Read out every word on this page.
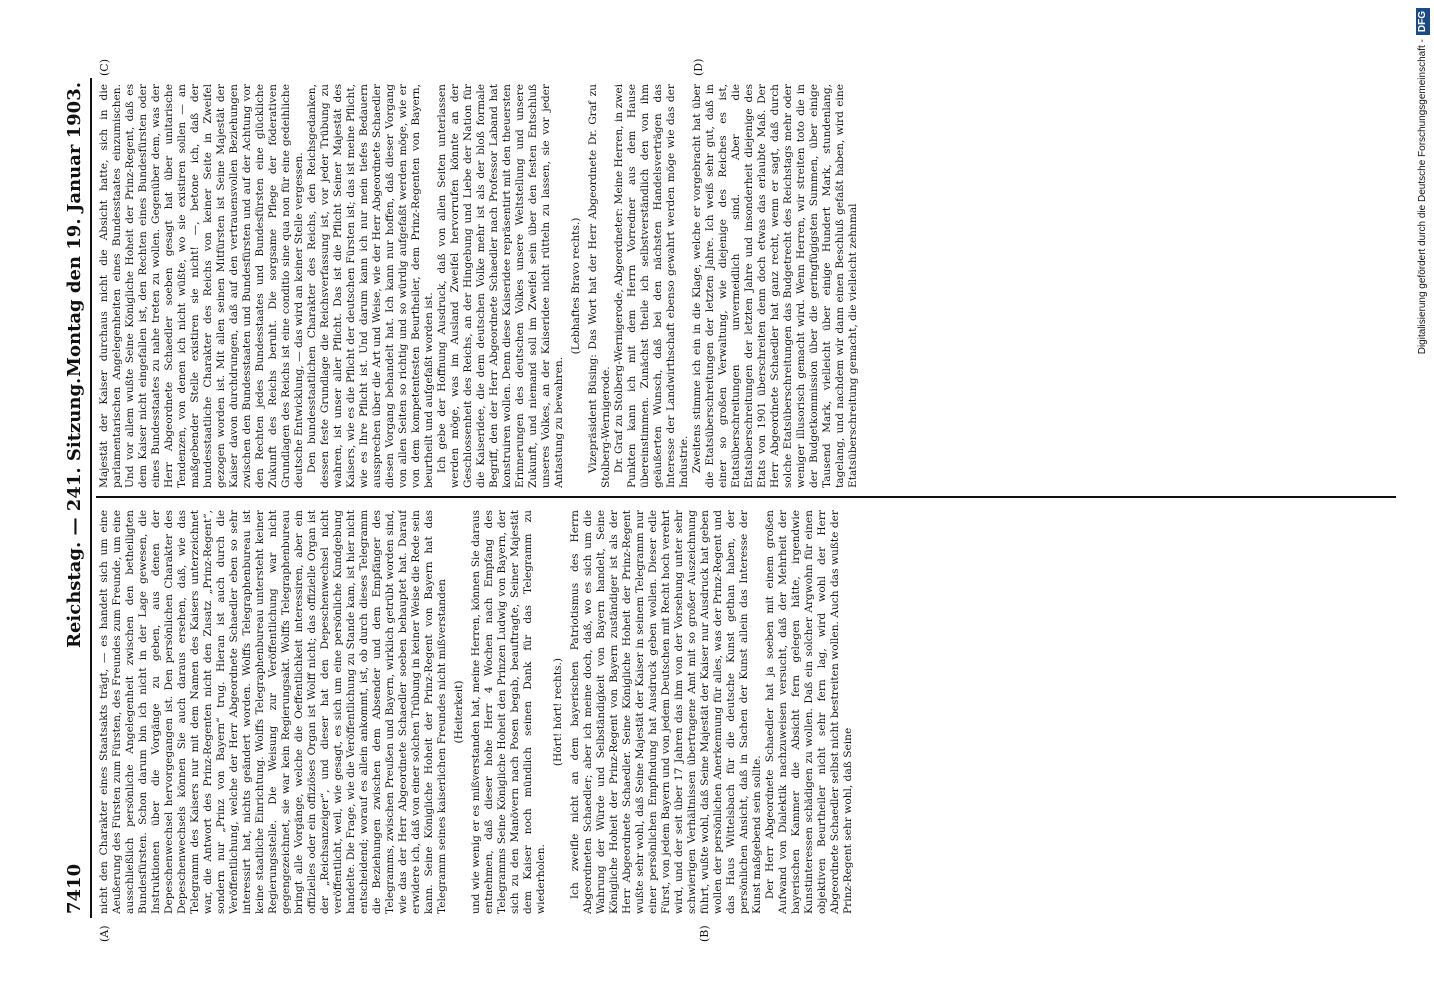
7410
Reichstag. — 241. Sitzung.
Montag den 19. Januar 1903.
(A)	(B)
(C)	(D)

nicht den Charakter eines Staatsakts trägt, — es handelt sich um eine Aeußerung des Fürsten zum Fürsten, des Freundes zum Freunde, um eine ausschließlich persönliche Angelegenheit zwischen den betheiligten Bundesfürsten. Schon darum bin ich nicht in der Lage gewesen, die Instruktionen über die Vorgänge zu geben, aus denen der Depeschenwechsel hervorgegangen ist. Den persönlichen Charakter des Depeschenwechsels können Sie auch daraus ersehen, daß, wie das Telegramm des Kaisers nur mit dem Namen des Kaisers unterzeichnet war, die Antwort des Prinz-Regenten nicht den Zusatz „Prinz-Regent“, sondern nur „Prinz von Bayern“ trug. Hieran ist auch durch die Veröffentlichung, welche der Herr Abgeordnete Schaedler eben so sehr interessirt hat, nichts geändert worden. Wolffs Telegraphenbureau ist keine staatliche Einrichtung. Wolffs Telegraphenbureau untersteht keiner Regierungsstelle. Die Weisung zur Veröffentlichung war nicht gegengezeichnet, sie war kein Regierungsakt. Wolffs Telegraphenbureau bringt alle Vorgänge, welche die Oeffentlichkeit interessiren, aber ein offizielles oder ein offiziöses Organ ist Wolff nicht; das offizielle Organ ist der „Reichsanzeiger“, und dieser hat den Depeschenwechsel nicht veröffentlicht, weil, wie gesagt, es sich um eine persönliche Kundgebung handelte. Die Frage, wie die Veröffentlichung zu Stande kam, ist hier nicht entscheidend; worauf es allein ankommt, ist, ob durch dieses Telegramm die Beziehungen zwischen dem Absender und dem Empfänger des Telegramms, zwischen Preußen und Bayern, wirklich getrübt worden sind, wie das der Herr Abgeordnete Schaedler soeben behauptet hat. Darauf erwidere ich, daß von einer solchen Trübung in keiner Weise die Rede sein kann. Seine Königliche Hoheit der Prinz-Regent von Bayern hat das Telegramm seines kaiserlichen Freundes nicht mißverstanden (Heiterkeit) und wie wenig er es mißverstanden hat, meine Herren, können Sie daraus entnehmen, daß dieser hohe Herr 4 Wochen nach Empfang des Telegramms Seine Königliche Hoheit den Prinzen Ludwig von Bayern, der sich zu den Manövern nach Posen begab, beauftragte, Seiner Majestät dem Kaiser noch mündlich seinen Dank für das Telegramm zu wiederholen.

(Hört! hört! rechts.) Ich zweifle nicht an dem bayerischen Patriotismus des Herrn Abgeordneten Schaedler; aber ich meine doch, daß, wo es sich um die Wahrung der Würde und Selbständigkeit von Bayern handelt, Seine Königliche Hoheit der Prinz-Regent von Bayern zuständiger ist als der Herr Abgeordnete Schaedler. Seine Königliche Hoheit der Prinz-Regent wußte sehr wohl, daß Seine Majestät der Kaiser in seinem Telegramm nur einer persönlichen Empfindung hat Ausdruck geben wollen. Dieser edle Fürst, von jedem Bayern und von jedem Deutschen mit Recht hoch verehrt wird, und der seit über 17 Jahren das ihm von der Vorsehung unter sehr schwierigen Verhältnissen übertragene Amt mit so großer Auszeichnung führt, wußte wohl, daß Seine Majestät der Kaiser nur Ausdruck hat geben wollen der persönlichen Anerkennung für alles, was der Prinz-Regent und das Haus Wittelsbach für die deutsche Kunst gethan haben, der persönlichen Ansicht, daß in Sachen der Kunst allein das Interesse der Kunst maßgebend sein sollte. Der Herr Abgeordnete Schaedler hat ja soeben mit einem großen Aufwand von Dialektik nachzuweisen versucht, daß der Mehrheit der bayerischen Kammer die Absicht fern gelegen hätte, irgendwie Kunstinteressen schädigen zu wollen. Daß ein solcher Argwohn für einen objektiven Beurtheiler nicht sehr fern lag, wird wohl der Herr Abgeordnete Schaedler selbst nicht bestreiten wollen. Auch das wußte der Prinz-Regent sehr wohl, daß Seine

Majestät der Kaiser durchaus nicht die Absicht hatte, sich in die parlamentarischen Angelegenheiten eines Bundesstaates einzumischen. Und vor allem wußte Seine Königliche Hoheit der Prinz-Regent, daß es dem Kaiser nicht eingefallen ist, den Rechten eines Bundesfürsten oder eines Bundesstaates zu nahe treten zu wollen. Gegenüber dem, was der Herr Abgeordnete Schaedler soeben gesagt hat über unitarische Tendenzen, von denen ich nicht wüßte, wo sie existiren sollen — an maßgebender Stelle existiren sie nicht! —, betone ich, daß der bundesstaatliche Charakter des Reichs von keiner Seite in Zweifel gezogen worden ist. Mit allen seinen Mitfürsten ist Seine Majestät der Kaiser davon durchdrungen, daß auf den vertrauensvollen Beziehungen zwischen den Bundesstaaten und Bundesfürsten und auf der Achtung vor den Rechten jedes Bundesstaates und Bundesfürsten eine glückliche Zukunft des Reichs beruht. Die sorgsame Pflege der föderativen Grundlagen des Reichs ist eine conditio sine qua non für eine gedeihliche deutsche Entwicklung, — das wird an keiner Stelle vergessen. Den bundesstaatlichen Charakter des Reichs, den Reichsgedanken, dessen feste Grundlage die Reichsverfassung ist, vor jeder Trübung zu wahren, ist unser aller Pflicht. Das ist die Pflicht Seiner Majestät des Kaisers, wie es die Pflicht der deutschen Fürsten ist; das ist meine Pflicht, wie es Ihre Pflicht ist. Und darum kann ich nur mein tiefes Bedauern aussprechen über die Art und Weise, wie der Herr Abgeordnete Schaedler diesen Vorgang behandelt hat. Ich kann nur hoffen, daß dieser Vorgang von allen Seiten so richtig und so würdig aufgefaßt werden möge, wie er von dem kompetentesten Beurtheiler, dem Prinz-Regenten von Bayern, beurtheilt und aufgefaßt worden ist. Ich gebe der Hoffnung Ausdruck, daß von allen Seiten unterlassen werden möge, was im Ausland Zweifel hervorrufen könnte an der Geschlossenheit des Reichs, an der Hingebung und Liebe der Nation für die Kaiseridee, die dem deutschen Volke mehr ist als der bloß formale Begriff, den der Herr Abgeordnete Schaedler nach Professor Laband hat konstruiren wollen. Denn diese Kaiseridee repräsentirt mit den theuersten Erinnerungen des deutschen Volkes unsere Weltstellung und unsere Zukunft, und niemand soll im Zweifel sein über den festen Entschluß unseres Volkes, an der Kaiseridee nicht rütteln zu lassen, sie vor jeder Antastung zu bewahren.

(Lebhaftes Bravo rechts.) Vizepräsident Büsing: Das Wort hat der Herr Abgeordnete Dr. Graf zu Stolberg-Wernigerode. Dr. Graf zu Stolberg-Wernigerode, Abgeordneter: Meine Herren, in zwei Punkten kann ich mit dem Herrn Vorredner aus dem Hause übereinstimmen. Zunächst theile ich selbstverständlich den von ihm geäußerten Wunsch, daß bei den nächsten Handelsverträgen das Interesse der Landwirthschaft ebenso gewahrt werden möge wie das der Industrie. Zweitens stimme ich ein in die Klage, welche er vorgebracht hat über die Etatsüberschreitungen der letzten Jahre. Ich weiß sehr gut, daß in einer so großen Verwaltung, wie diejenige des Reiches es ist, Etatsüberschreitungen unvermeidlich sind. Aber die Etatsüberschreitungen der letzten Jahre und insonderheit diejenige des Etats von 1901 überschreiten denn doch etwas das erlaubte Maß. Der Herr Abgeordnete Schaedler hat ganz recht, wenn er sagt, daß durch solche Etatsüberschreitungen das Budgetrecht des Reichstags mehr oder weniger illusorisch gemacht wird. Wenn Herren, wir streiten toto die in der Budgetkommission über die geringfügigsten Summen, über einige Tausend Mark, vielleicht über einige Hundert Mark, stundenlang, tagelang, und nachdem wir dann einen Beschluß gefaßt haben, wird eine Etatsüberschreitung gemacht, die vielleicht zehnmal	Digitalisierung gefördert durch die Deutsche Forschungsgemeinschaft -DFG
